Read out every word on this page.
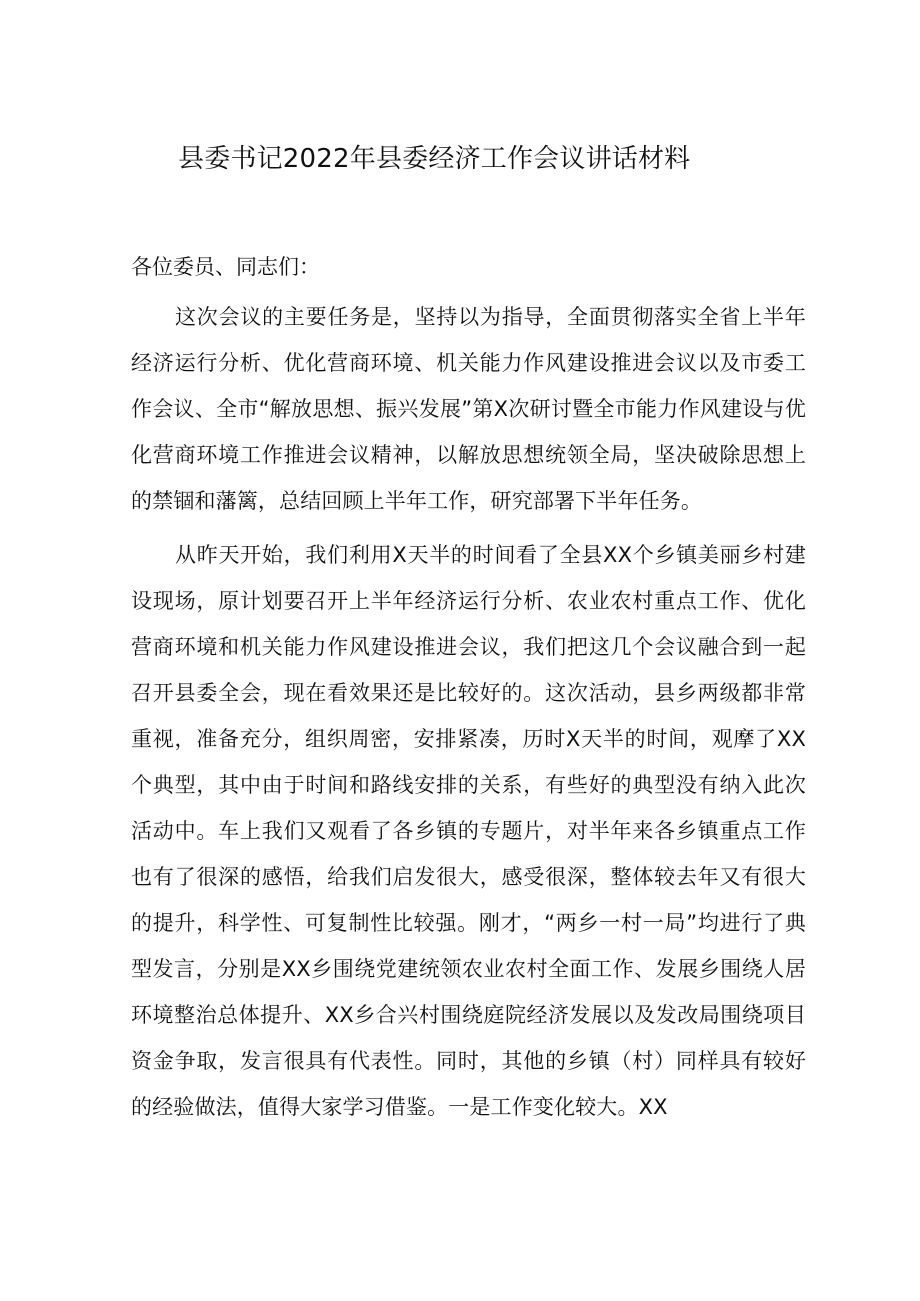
县委书记2022年县委经济工作会议讲话材料

各位委员、同志们：

这次会议的主要任务是，坚持以为指导，全面贯彻落实全省上半年经济运行分析、优化营商环境、机关能力作风建设推进会议以及市委工作会议、全市“解放思想、振兴发展”第X次研讨暨全市能力作风建设与优化营商环境工作推进会议精神，以解放思想统领全局，坚决破除思想上的禁锢和藩篱，总结回顾上半年工作，研究部署下半年任务。

从昨天开始，我们利用X天半的时间看了全县XX个乡镇美丽乡村建设现场，原计划要召开上半年经济运行分析、农业农村重点工作、优化营商环境和机关能力作风建设推进会议，我们把这几个会议融合到一起召开县委全会，现在看效果还是比较好的。这次活动，县乡两级都非常重视，准备充分，组织周密，安排紧凑，历时X天半的时间，观摩了XX个典型，其中由于时间和路线安排的关系，有些好的典型没有纳入此次活动中。车上我们又观看了各乡镇的专题片，对半年来各乡镇重点工作也有了很深的感悟，给我们启发很大，感受很深，整体较去年又有很大的提升，科学性、可复制性比较强。刚才，“两乡一村一局”均进行了典型发言，分别是XX乡围绕党建统领农业农村全面工作、发展乡围绕人居环境整治总体提升、XX乡合兴村围绕庭院经济发展以及发改局围绕项目资金争取，发言很具有代表性。同时，其他的乡镇（村）同样具有较好的经验做法，值得大家学习借鉴。一是工作变化较大。XX
